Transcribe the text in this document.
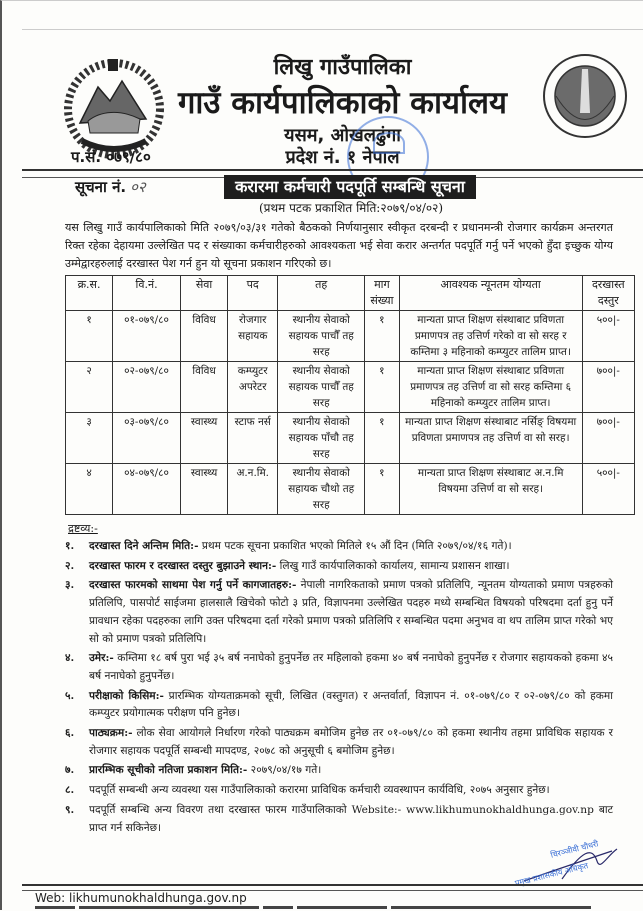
लिखु गाउँपालिका
गाउँ कार्यपालिकाको कार्यालय
यसम, ओखलढुंगा
प्रदेश नं. १ नेपाल
प.सं. ०७९/८०
सूचना नं. ०२	करारमा कर्मचारी पदपूर्ति सम्बन्धि सूचना
(प्रथम पटक प्रकाशित मिति:२०७९/०४/०२)
यस लिखु गाउँ कार्यपालिकाको मिति २०७९/०३/३१ गतेको बैठकको निर्णयानुसार स्वीकृत दरबन्दी र प्रधानमन्त्री रोजगार कार्यक्रम अन्तरगत रिक्त रहेका देहायमा उल्लेखित पद र संख्याका कर्मचारीहरुको आवश्यकता भई सेवा करार अन्तर्गत पदपूर्ति गर्नु पर्ने भएको हुँदा इच्छुक योग्य उम्मेद्वारहरुलाई दरखास्त पेश गर्न हुन यो सूचना प्रकाशन गरिएको छ।
क्र.स.	वि.नं.	सेवा	पद	तह	माग संख्या	आवश्यक न्यूनतम योग्यता	दरखास्त दस्तुर
१	०१-०७९/८०	विविध	रोजगार सहायक	स्थानीय सेवाको सहायक पाचौँ तह सरह	१	मान्यता प्राप्त शिक्षण संस्थाबाट प्रविणता प्रमाणपत्र तह उत्तिर्ण गरेको वा सो सरह र कम्तिमा ३ महिनाको कम्प्युटर तालिम प्राप्त।	५००|-
२	०२-०७९/८०	विविध	कम्प्युटर अपरेटर	स्थानीय सेवाको सहायक पाचौँ तह सरह	१	मान्यता प्राप्त शिक्षण संस्थाबाट प्रविणता प्रमाणपत्र तह उत्तिर्ण वा सो सरह कम्तिमा ६ महिनाको कम्प्युटर तालिम प्राप्त।	७००|-
३	०३-०७९/८०	स्वास्थ्य	स्टाफ नर्स	स्थानीय सेवाको सहायक पाँचौ तह सरह	१	मान्यता प्राप्त शिक्षण संस्थाबाट नर्सिङ् विषयमा प्रविणता प्रमाणपत्र तह उत्तिर्ण वा सो सरह।	७००|-
४	०४-०७९/८०	स्वास्थ्य	अ.न.मि.	स्थानीय सेवाको सहायक चौथो तह सरह	१	मान्यता प्राप्त शिक्षण संस्थाबाट अ.न.मि विषयमा उत्तिर्ण वा सो सरह।	५००|-
द्रष्टव्य:-
१. दरखास्त दिने अन्तिम मिति:- प्रथम पटक सूचना प्रकाशित भएको मितिले १५ औं दिन (मिति २०७९/०४/१६ गते)।
२. दरखास्त फारम र दरखास्त दस्तुर बुझाउने स्थान:- लिखु गाउँ कार्यपालिकाको कार्यालय, सामान्य प्रशासन शाखा।
३. दरखास्त फारमको साथमा पेश गर्नु पर्ने कागजातहरु:- नेपाली नागरिकताको प्रमाण पत्रको प्रतिलिपि, न्यूनतम योग्यताको प्रमाण पत्रहरुको प्रतिलिपि, पासपोर्ट साईजमा हालसालै खिचेको फोटो ३ प्रति, विज्ञापनमा उल्लेखित पदहरु मध्ये सम्बन्धित विषयको परिषदमा दर्ता हुनु पर्ने प्रावधान रहेका पदहरुका लागि उक्त परिषदमा दर्ता गरेको प्रमाण पत्रको प्रतिलिपि र सम्बन्धित पदमा अनुभव वा थप तालिम प्राप्त गरेको भए सो को प्रमाण पत्रको प्रतिलिपि।
४. उमेर:- कम्तिमा १८ बर्ष पुरा भई ३५ बर्ष ननाघेको हुनुपर्नेछ तर महिलाको हकमा ४० बर्ष ननाघेको हुनुपर्नेछ र रोजगार सहायकको हकमा ४५ बर्ष ननाघेको हुनुपर्नेछ।
५. परीक्षाको किसिम:- प्रारम्भिक योग्यताक्रमको सूची, लिखित (वस्तुगत) र अन्तर्वार्ता, विज्ञापन नं. ०१-०७९/८० र ०२-०७९/८० को हकमा कम्प्युटर प्रयोगात्मक परीक्षण पनि हुनेछ।
६. पाठ्यक्रम:- लोक सेवा आयोगले निर्धारण गरेको पाठ्यक्रम बमोजिम हुनेछ तर ०१-०७९/८० को हकमा स्थानीय तहमा प्राविधिक सहायक र रोजगार सहायक पदपूर्ति सम्बन्धी मापदण्ड, २०७८ को अनुसूची ६ बमोजिम हुनेछ।
७. प्रारम्भिक सूचीको नतिजा प्रकाशन मिति:- २०७९/०४/१७ गते।
८. पदपूर्ति सम्बन्धी अन्य व्यवस्था यस गाउँपालिकाको करारमा प्राविधिक कर्मचारी व्यवस्थापन कार्यविधि, २०७५ अनुसार हुनेछ।
९. पदपूर्ति सम्बन्धि अन्य विवरण तथा दरखास्त फारम गाउँपालिकाको Website:- www.likhumunokhaldhunga.gov.np बाट प्राप्त गर्न सकिनेछ।
चिरञ्जीवी चौधरी
प्रमुख प्रशासकीय अधिकृत
Web: likhumunokhaldhunga.gov.np
